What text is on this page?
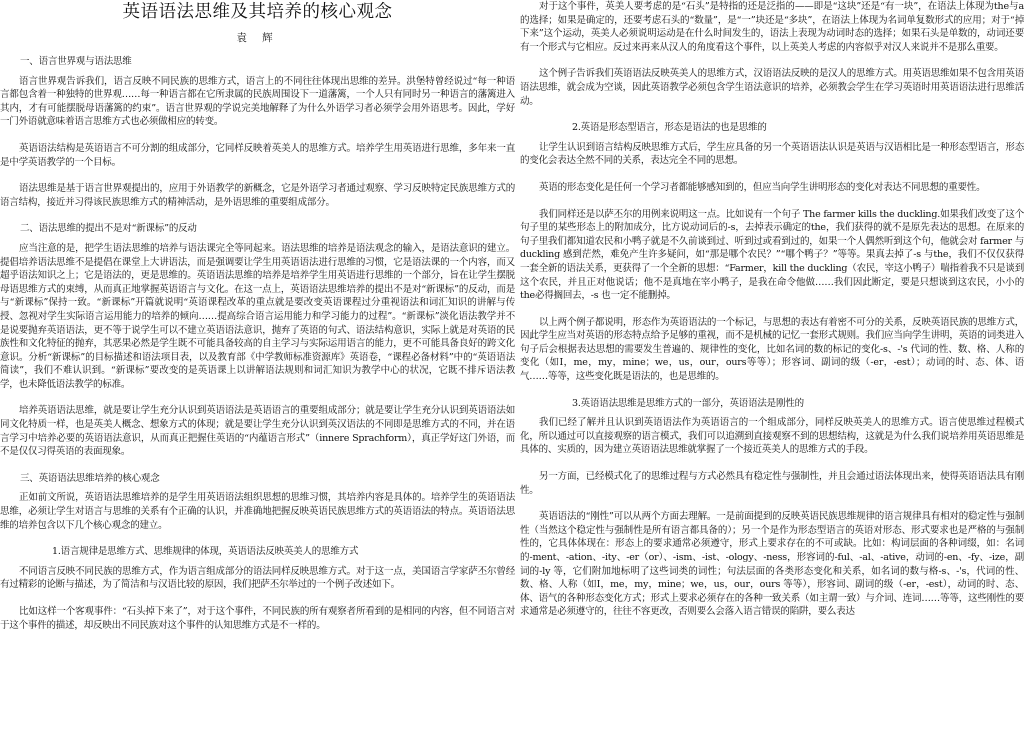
英语语法思维及其培养的核心观念
袁 辉
一、语言世界观与语法思维
语言世界观告诉我们，语言反映不同民族的思维方式，语言上的不同往往体现出思维的差异。洪堡特曾经说过“每一种语言都包含着一种独特的世界观……每一种语言都在它所隶属的民族周围设下一道藩篱，一个人只有同时另一种语言的藩篱进入其内，才有可能摆脱母语藩篱的约束”。语言世界观的学说完美地解释了为什么外语学习者必须学会用外语思考。因此，学好一门外语就意味着语言思维方式也必须做相应的转变。
英语语法结构是英语语言不可分割的组成部分，它同样反映着英美人的思维方式。培养学生用英语进行思维，多年来一直是中学英语教学的一个目标。
语法思维是基于语言世界观提出的，应用于外语教学的新概念，它是外语学习者通过观察、学习反映特定民族思维方式的语言结构，接近并习得该民族思维方式的精神活动，是外语思维的重要组成部分。
二、语法思维的提出不是对“新课标”的反动
应当注意的是，把学生语法思维的培养与语法课完全等同起来。语法思维的培养是语法观念的输入，是语法意识的建立。提倡培养语法思维不是提倡在课堂上大讲语法，而是强调要让学生用英语语法进行思维的习惯，它是语法课的一个内容，而又超乎语法知识之上；它是语法的，更是思维的。英语语法思维的培养是培养学生用英语进行思维的一个部分，旨在让学生摆脱母语思维方式的束缚，从而真正地掌握英语语言与文化。在这一点上，英语语法思维培养的提出不是对“新课标”的反动，而是与“新课标”保持一致。“新课标”开篇就说明“英语课程改革的重点就是要改变英语课程过分重视语法和词汇知识的讲解与传授、忽视对学生实际语言运用能力的培养的倾向……提高综合语言运用能力和学习能力的过程”。“新课标”淡化语法教学并不是说要抛弃英语语法，更不等于说学生可以不建立英语语法意识，抛弃了英语的句式、语法结构意识，实际上就是对英语的民族性和文化特征的抛弃，其恶果必然是学生既不可能具备较高的自主学习与实际运用语言的能力，更不可能具备良好的跨文化意识。分析“新课标”的目标描述和语法项目表，以及教育部《中学教师标准资源库》英语卷，“课程必备材料”中的“英语语法简读”，我们不难认识到。“新课标”要改变的是英语课上以讲解语法规则和词汇知识为教学中心的状况，它既不排斥语法教学，也未降低语法教学的标准。
培养英语语法思维，就是要让学生充分认识到英语语法是英语语言的重要组成部分；就是要让学生充分认识到英语语法如同文化特质一样，也是英美人概念、想象方式的体现；就是要让学生充分认识到英汉语法的不同即是思维方式的不同，并在语言学习中培养必要的英语语法意识，从而真正把握住英语的“内蕴语言形式”（innere Sprachform），真正学好这门外语，而不是仅仅习得英语的表面现象。
三、英语语法思维培养的核心观念
正如前文所说，英语语法思维培养的是学生用英语语法组织思想的思维习惯，其培养内容是具体的。培养学生的英语语法思维，必须让学生对语言与思维的关系有个正确的认识，并准确地把握反映英语民族思维方式的英语语法的特点。英语语法思维的培养包含以下几个核心观念的建立。
1.语言规律是思维方式、思维规律的体现，英语语法反映英美人的思维方式
不同语言反映不同民族的思维方式，作为语言组成部分的语法同样反映思维方式。对于这一点，美国语言学家萨丕尔曾经有过精彩的论断与描述，为了简洁和与汉语比较的原因，我们把萨丕尔举过的一个例子改述如下。
比如这样一个客观事件：“石头掉下来了”，对于这个事件，不同民族的所有观察者所看到的是相同的内容，但不同语言对于这个事件的描述，却反映出不同民族对这个事件的认知思维方式是不一样的。
对于这个事件，英美人要考虑的是“石头”是特指的还是泛指的——即是“这块”还是“有一块”，在语法上体现为the与a的选择；如果是确定的，还要考虑石头的“数量”，是“一”块还是“多块”，在语法上体现为名词单复数形式的应用；对于“掉下来”这个运动，英美人必须说明运动是在什么时间发生的，语法上表现为动词时态的选择；如果石头是单数的，动词还要有一个形式与它相应。反过来再来从汉人的角度看这个事件，以上英美人考虑的内容似乎对汉人来说并不是那么重要。
这个例子告诉我们英语语法反映英美人的思维方式，汉语语法反映的是汉人的思维方式。用英语思维如果不包含用英语语法思维，就会成为空谈，因此英语教学必须包含学生语法意识的培养，必须教会学生在学习英语时用英语语法进行思维活动。
2.英语是形态型语言，形态是语法的也是思维的
让学生认识到语言结构反映思维方式后，学生应具备的另一个英语语法认识是英语与汉语相比是一种形态型语言，形态的变化会表达全然不同的关系，表达完全不同的思想。
英语的形态变化是任何一个学习者都能够感知到的，但应当向学生讲明形态的变化对表达不同思想的重要性。
我们同样还是以萨丕尔的用例来说明这一点。比如说有一个句子 The farmer kills the duckling.如果我们改变了这个句子里的某些形态上的附加成分，比方说动词后的-s，去掉表示确定的the，我们获得的就不是原先表达的思想。在原来的句子里我们都知道农民和小鸭子就是不久前谈到过、听到过或看到过的，如果一个人偶然听到这个句，他就会对 farmer 与 duckling 感到茫然，难免产生许多疑问，如“那是哪个农民？”“哪个鸭子？”等等。果真去掉了-s 与the，我们不仅仅获得一套全新的语法关系，更获得了一个全新的思想：“Farmer，kill the duckling（农民，宰这小鸭子）喘指着我不只是谈到这个农民，并且正对他说话；他不是真地在宰小鸭子，是我在命令他做……我们因此断定，要是只想谈到这农民，小小的the必得搁回去，-s 也一定不能删掉。
以上两个例子都说明，形态作为英语语法的一个标记，与思想的表达有着密不可分的关系，反映英语民族的思维方式，因此学生应当对英语的形态特点给予足够的重视，而不是机械的记忆一套形式规则。我们应当向学生讲明，英语的词类进入句子后会根据表达思想的需要发生普遍的、规律性的变化，比如名词的数的标记的变化-s、-'s 代词的性、数、格、人称的变化（如I，me，my，mine；we，us，our，ours等等）；形容词、副词的级（-er，-est）；动词的时、态、体、语气……等等，这些变化既是语法的，也是思维的。
3.英语语法思维是思维方式的一部分，英语语法是刚性的
我们已经了解并且认识到英语语法作为英语语言的一个组成部分，同样反映英美人的思维方式。语言使思维过程模式化，所以通过可以直接观察的语言模式，我们可以追溯到直接观察不到的思想结构，这就是为什么我们说培养用英语思维是具体的、实质的，因为建立英语语法思维就掌握了一个接近英美人的思维方式的手段。
另一方面，已经模式化了的思维过程与方式必然具有稳定性与强制性，并且会通过语法体现出来，使得英语语法具有刚性。
英语语法的“刚性”可以从两个方面去理解。一是前面提到的反映英语民族思维规律的语言规律具有相对的稳定性与强制性（当然这个稳定性与强制性是所有语言都具备的）；另一个是作为形态型语言的英语对形态、形式要求也是严格的与强制性的，它具体体现在：形态上的要求通常必须遵守，形式上要求存在的不可或缺。比如：构词层面的各种词缀，如：名词的-ment、-ation、-ity、-er（or）、-ism、-ist、-ology、-ness，形容词的-ful、-al、-ative，动词的-en、-fy、-ize，副词的-ly 等，它们附加地标明了这些词类的词性；句法层面的各类形态变化和关系，如名词的数与格-s、-'s，代词的性、数、格、人称（如I，me，my，mine；we，us，our，ours 等等），形容词、副词的级（-er，-est），动词的时、态、体、语气的各种形态变化方式；形式上要求必须存在的各种一致关系（如主谓一致）与介词、连词……等等，这些刚性的要求通常是必须遵守的，往往不容更改，否则要么会落入语言错误的陷阱，要么表达
